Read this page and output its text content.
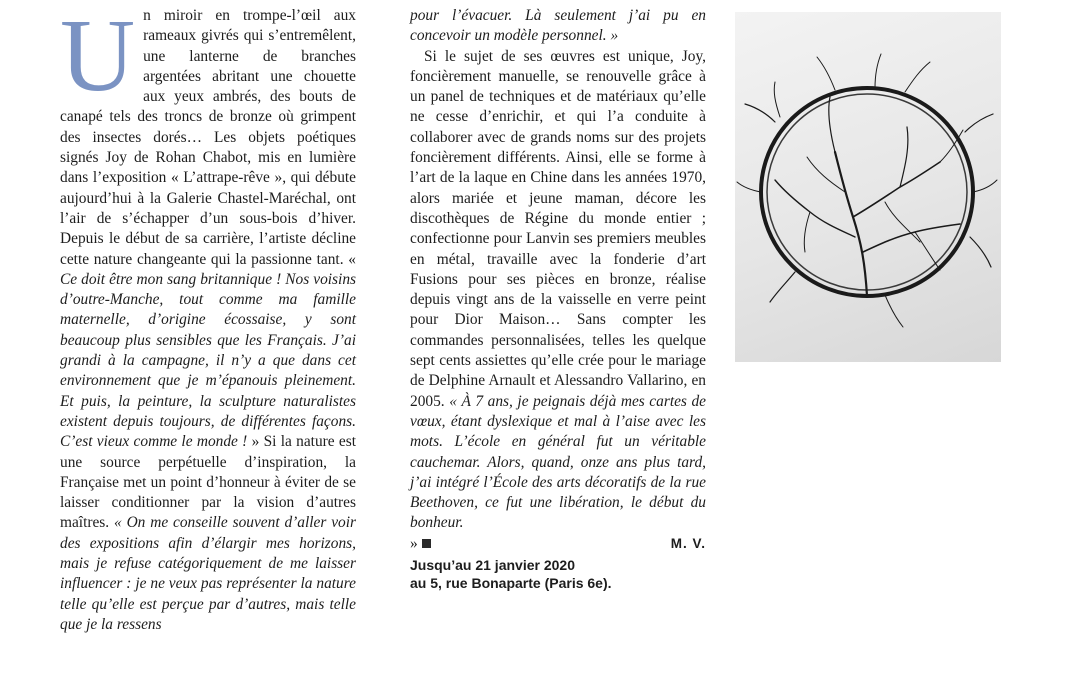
Un miroir en trompe-l’œil aux rameaux givrés qui s’entremêlent, une lanterne de branches argentées abritant une chouette aux yeux ambrés, des bouts de canapé tels des troncs de bronze où grimpent des insectes dorés… Les objets poétiques signés Joy de Rohan Chabot, mis en lumière dans l’exposition « L’attrape-rêve », qui débute aujourd’hui à la Galerie Chastel-Maréchal, ont l’air de s’échapper d’un sous-bois d’hiver. Depuis le début de sa carrière, l’artiste décline cette nature changeante qui la passionne tant. « Ce doit être mon sang britannique ! Nos voisins d’outre-Manche, tout comme ma famille maternelle, d’origine écossaise, y sont beaucoup plus sensibles que les Français. J’ai grandi à la campagne, il n’y a que dans cet environnement que je m’épanouis pleinement. Et puis, la peinture, la sculpture naturalistes existent depuis toujours, de différentes façons. C’est vieux comme le monde ! » Si la nature est une source perpétuelle d’inspiration, la Française met un point d’honneur à éviter de se laisser conditionner par la vision d’autres maîtres. « On me conseille souvent d’aller voir des expositions afin d’élargir mes horizons, mais je refuse catégoriquement de me laisser influencer : je ne veux pas représenter la nature telle qu’elle est perçue par d’autres, mais telle que je la ressens

pour l’évacuer. Là seulement j’ai pu en concevoir un modèle personnel. »

Si le sujet de ses œuvres est unique, Joy, foncièrement manuelle, se renouvelle grâce à un panel de techniques et de matériaux qu’elle ne cesse d’enrichir, et qui l’a conduite à collaborer avec de grands noms sur des projets foncièrement différents. Ainsi, elle se forme à l’art de la laque en Chine dans les années 1970, alors mariée et jeune maman, décore les discothèques de Régine du monde entier ; confectionne pour Lanvin ses premiers meubles en métal, travaille avec la fonderie d’art Fusions pour ses pièces en bronze, réalise depuis vingt ans de la vaisselle en verre peint pour Dior Maison… Sans compter les commandes personnalisées, telles les quelque sept cents assiettes qu’elle crée pour le mariage de Delphine Arnault et Alessandro Vallarino, en 2005. « À 7 ans, je peignais déjà mes cartes de vœux, étant dyslexique et mal à l’aise avec les mots. L’école en général fut un véritable cauchemar. Alors, quand, onze ans plus tard, j’ai intégré l’École des arts décoratifs de la rue Beethoven, ce fut une libération, le début du bonheur.

»	M. V.
Jusqu’au 21 janvier 2020
au 5, rue Bonaparte (Paris 6e).
